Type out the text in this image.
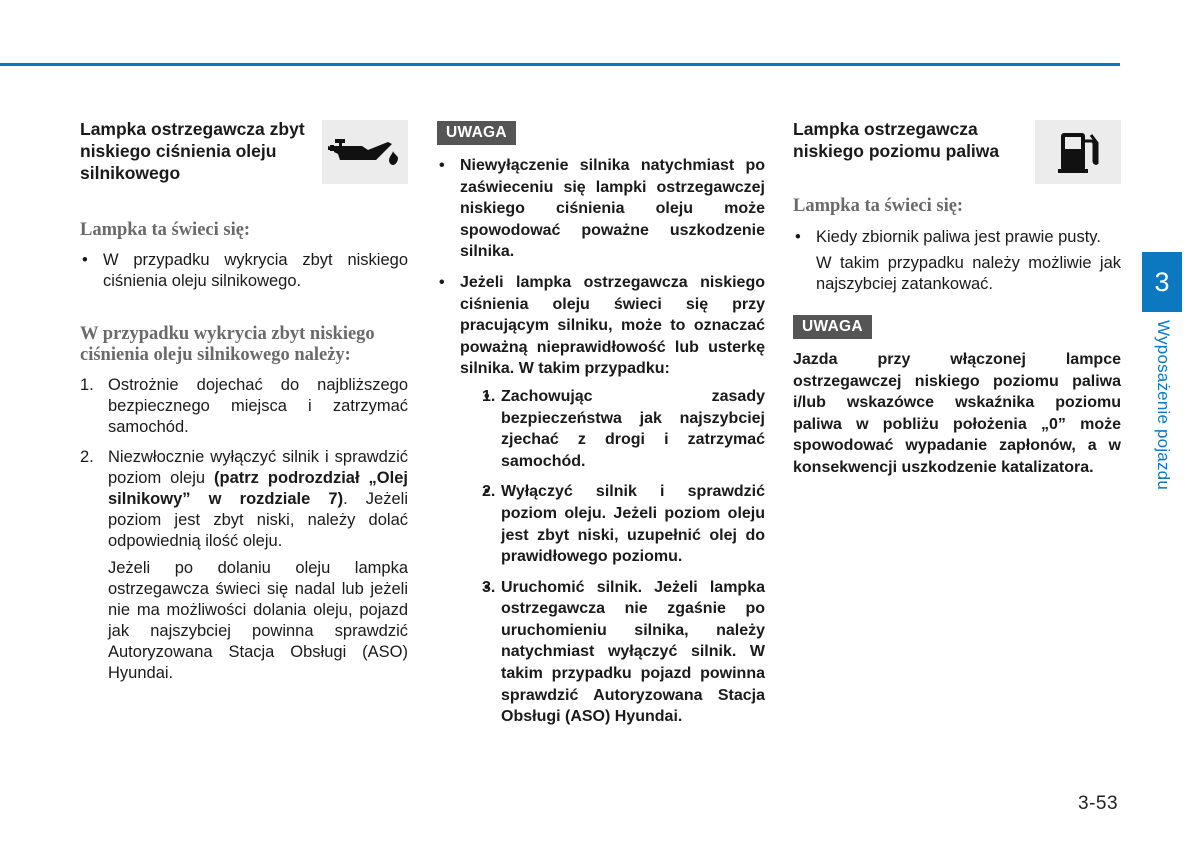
Lampka ostrzegawcza zbyt niskiego ciśnienia oleju silnikowego
Lampka ta świeci się:
• W przypadku wykrycia zbyt niskiego ciśnienia oleju silnikowego.
W przypadku wykrycia zbyt niskiego ciśnienia oleju silnikowego należy:
1. Ostrożnie dojechać do najbliższego bezpiecznego miejsca i zatrzymać samochód.
2. Niezwłocznie wyłączyć silnik i sprawdzić poziom oleju (patrz podrozdział „Olej silnikowy” w rozdziale 7). Jeżeli poziom jest zbyt niski, należy dolać odpowiednią ilość oleju.

Jeżeli po dolaniu oleju lampka ostrzegawcza świeci się nadal lub jeżeli nie ma możliwości dolania oleju, pojazd jak najszybciej powinna sprawdzić Autoryzowana Stacja Obsługi (ASO) Hyundai.

UWAGA
• Niewyłączenie silnika natychmiast po zaświeceniu się lampki ostrzegawczej niskiego ciśnienia oleju może spowodować poważne uszkodzenie silnika.
• Jeżeli lampka ostrzegawcza niskiego ciśnienia oleju świeci się przy pracującym silniku, może to oznaczać poważną nieprawidłowość lub usterkę silnika. W takim przypadku:
• 1. Zachowując zasady bezpieczeństwa jak najszybciej zjechać z drogi i zatrzymać samochód.
• 2. Wyłączyć silnik i sprawdzić poziom oleju. Jeżeli poziom oleju jest zbyt niski, uzupełnić olej do prawidłowego poziomu.
• 3. Uruchomić silnik. Jeżeli lampka ostrzegawcza nie zgaśnie po uruchomieniu silnika, należy natychmiast wyłączyć silnik. W takim przypadku pojazd powinna sprawdzić Autoryzowana Stacja Obsługi (ASO) Hyundai.
Lampka ostrzegawcza niskiego poziomu paliwa
Lampka ta świeci się:
• Kiedy zbiornik paliwa jest prawie pusty.

W takim przypadku należy możliwie jak najszybciej zatankować.

UWAGA

Jazda przy włączonej lampce ostrzegawczej niskiego poziomu paliwa i/lub wskazówce wskaźnika poziomu paliwa w pobliżu położenia „0” może spowodować wypadanie zapłonów, a w konsekwencji uszkodzenie katalizatora.

3
Wyposażenie pojazdu
3-53
